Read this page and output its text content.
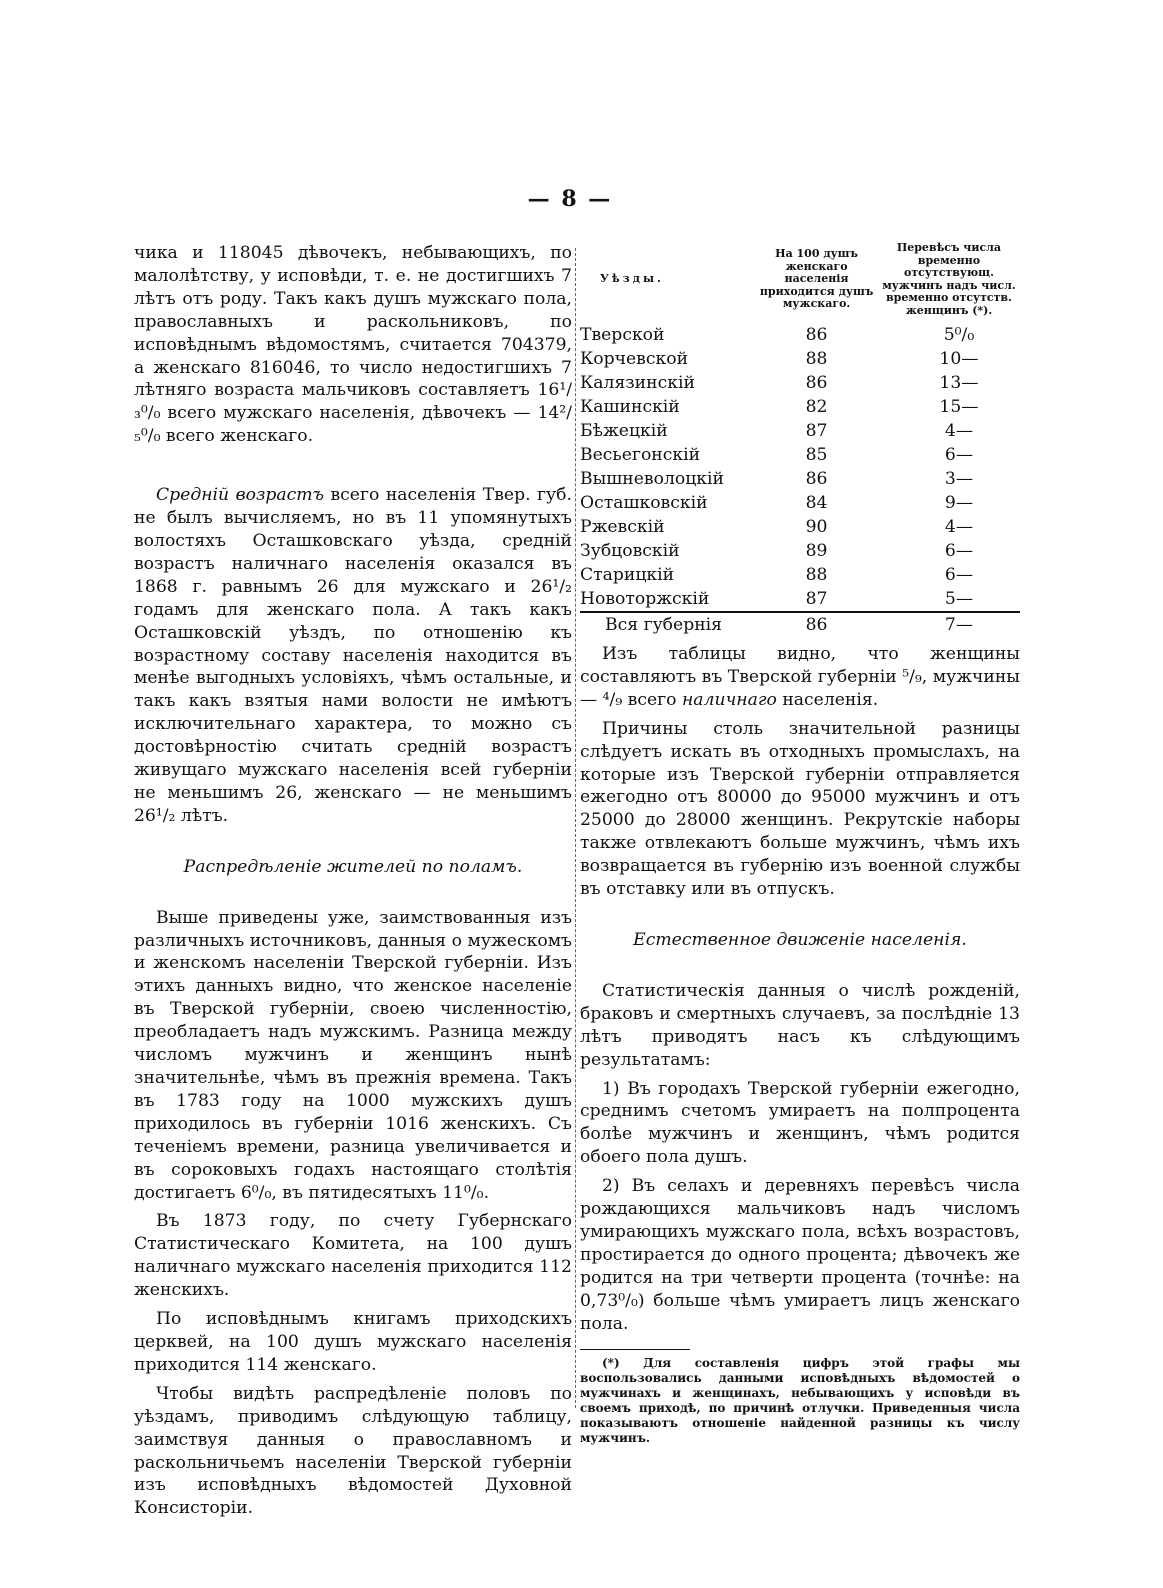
— 8 —

чика и 118045 дѣвочекъ, небывающихъ, по малолѣтству, у исповѣди, т. е. не достигшихъ 7 лѣтъ отъ роду. Такъ какъ душъ мужскаго пола, православныхъ и раскольниковъ, по исповѣднымъ вѣдомостямъ, считается 704379, а женскаго 816046, то число недостигшихъ 7 лѣтняго возраста мальчиковъ составляетъ 16¹/₃⁰/₀ всего мужскаго населенія, дѣвочекъ — 14²/₅⁰/₀ всего женскаго.

Средній возрастъ всего населенія Твер. губ. не былъ вычисляемъ, но въ 11 упомянутыхъ волостяхъ Осташковскаго уѣзда, средній возрастъ наличнаго населенія оказался въ 1868 г. равнымъ 26 для мужскаго и 26¹/₂ годамъ для женскаго пола. А такъ какъ Осташковскій уѣздъ, по отношенію къ возрастному составу населенія находится въ менѣе выгодныхъ условіяхъ, чѣмъ остальные, и такъ какъ взятыя нами волости не имѣютъ исключительнаго характера, то можно съ достовѣрностію считать средній возрастъ живущаго мужскаго населенія всей губерніи не меньшимъ 26, женскаго — не меньшимъ 26¹/₂ лѣтъ.

Распредѣленіе жителей по поламъ.

Выше приведены уже, заимствованныя изъ различныхъ источниковъ, данныя о мужескомъ и женскомъ населеніи Тверской губерніи. Изъ этихъ данныхъ видно, что женское населеніе въ Тверской губерніи, своею численностію, преобладаетъ надъ мужскимъ. Разница между числомъ мужчинъ и женщинъ нынѣ значительнѣе, чѣмъ въ прежнія времена. Такъ въ 1783 году на 1000 мужскихъ душъ приходилось въ губерніи 1016 женскихъ. Съ теченіемъ времени, разница увеличивается и въ сороковыхъ годахъ настоящаго столѣтія достигаетъ 6⁰/₀, въ пятидесятыхъ 11⁰/₀.

Въ 1873 году, по счету Губернскаго Статистическаго Комитета, на 100 душъ наличнаго мужскаго населенія приходится 112 женскихъ.

По исповѣднымъ книгамъ приходскихъ церквей, на 100 душъ мужскаго населенія приходится 114 женскаго.

Чтобы видѣть распредѣленіе половъ по уѣздамъ, приводимъ слѣдующую таблицу, заимствуя данныя о православномъ и раскольничьемъ населеніи Тверской губерніи изъ исповѣдныхъ вѣдомостей Духовной Консисторіи.

Уѣзды.	На 100 душъ женскаго населенія приходится душъ мужскаго.	Перевѣсъ числа временно отсутствующ. мужчинъ надъ числ. временно отсутств. женщинъ (*).
Тверской	86	5⁰/₀
Корчевской	88	10—
Калязинскій	86	13—
Кашинскій	82	15—
Бѣжецкій	87	4—
Весьегонскій	85	6—
Вышневолоцкій	86	3—
Осташковскій	84	9—
Ржевскій	90	4—
Зубцовскій	89	6—
Старицкій	88	6—
Новоторжскій	87	5—
Вся губернія	86	7—

Изъ таблицы видно, что женщины составляютъ въ Тверской губерніи ⁵/₉, мужчины — ⁴/₉ всего наличнаго населенія.

Причины столь значительной разницы слѣдуетъ искать въ отходныхъ промыслахъ, на которые изъ Тверской губерніи отправляется ежегодно отъ 80000 до 95000 мужчинъ и отъ 25000 до 28000 женщинъ. Рекрутскіе наборы также отвлекаютъ больше мужчинъ, чѣмъ ихъ возвращается въ губернію изъ военной службы въ отставку или въ отпускъ.

Естественное движеніе населенія.

Статистическія данныя о числѣ рожденій, браковъ и смертныхъ случаевъ, за послѣдніе 13 лѣтъ приводятъ насъ къ слѣдующимъ результатамъ:

1) Въ городахъ Тверской губерніи ежегодно, среднимъ счетомъ умираетъ на полпроцента болѣе мужчинъ и женщинъ, чѣмъ родится обоего пола душъ.

2) Въ селахъ и деревняхъ перевѣсъ числа рождающихся мальчиковъ надъ числомъ умирающихъ мужскаго пола, всѣхъ возрастовъ, простирается до одного процента; дѣвочекъ же родится на три четверти процента (точнѣе: на 0,73⁰/₀) больше чѣмъ умираетъ лицъ женскаго пола.

(*) Для составленія цифръ этой графы мы воспользовались данными исповѣдныхъ вѣдомостей о мужчинахъ и женщинахъ, небывающихъ у исповѣди въ своемъ приходѣ, по причинѣ отлучки. Приведенныя числа показываютъ отношеніе найденной разницы къ числу мужчинъ.
